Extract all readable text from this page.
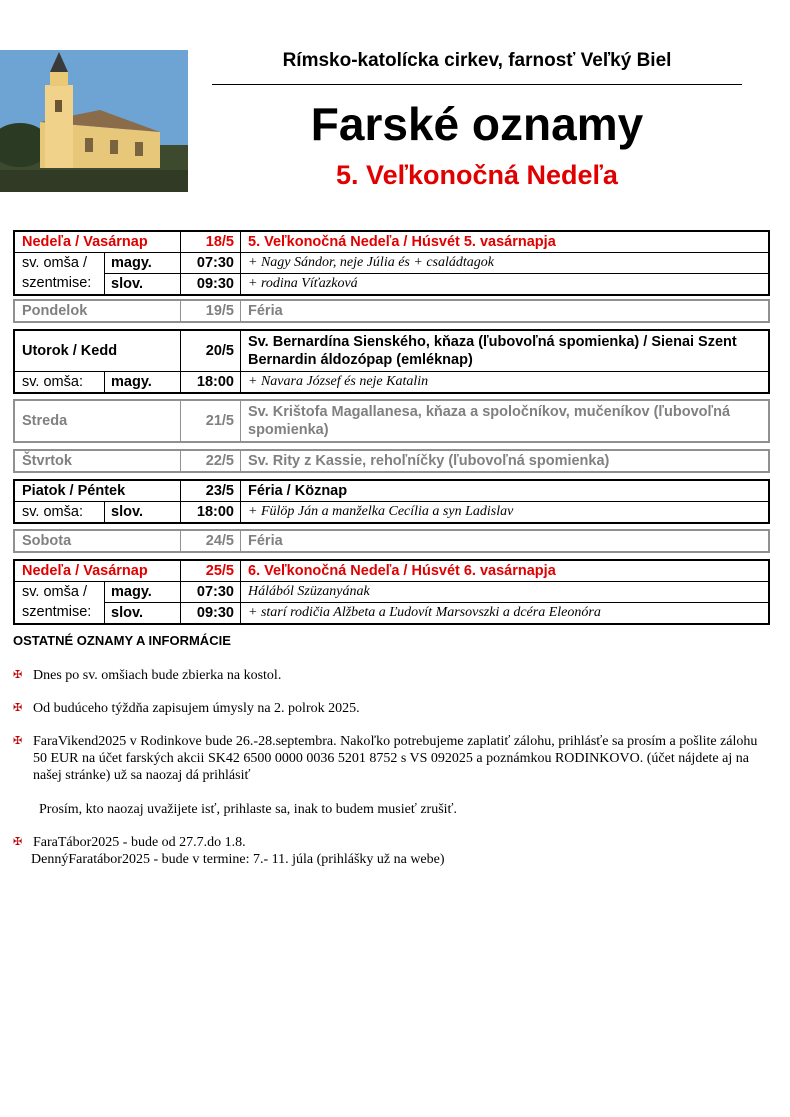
Rímsko-katolícka cirkev, farnosť Veľký Biel
Farské oznamy
5. Veľkonočná Nedeľa
Nedeľa / Vasárnap	18/5 5. Veľkonočná Nedeľa / Húsvét 5. vasárnapja
sv. omša /
szentmise:
magy.	07:30	+ Nagy Sándor, neje Júlia és + családtagok
slov.	09:30	+ rodina Víťazková
Pondelok	19/5 Féria
Utorok / Kedd	20/5
Sv. Bernardína Sienského, kňaza (ľubovoľná spomienka) / Sienai Szent Bernardin áldozópap (emléknap)
sv. omša:	magy.	18:00	+ Navara József és neje Katalin
Streda	21/5
Sv. Krištofa Magallanesa, kňaza a spoločníkov, mučeníkov (ľubovoľná spomienka)
Štvrtok	22/5 Sv. Rity z Kassie, rehoľníčky (ľubovoľná spomienka)
Piatok / Péntek	23/5 Féria / Köznap
sv. omša:	slov.	18:00	+ Fülöp Ján a manželka Cecília a syn Ladislav
Sobota	24/5 Féria
Nedeľa / Vasárnap	25/5 6. Veľkonočná Nedeľa / Húsvét 6. vasárnapja
sv. omša /
szentmise:
magy.	07:30	Hálából Szüzanyának
slov.	09:30	+ starí rodičia Alžbeta a Ľudovít Marsovszki a dcéra Eleonóra
OSTATNÉ OZNAMY A INFORMÁCIE
✠ Dnes po sv. omšiach bude zbierka na kostol.
✠ Od budúceho týždňa zapisujem úmysly na 2. polrok 2025.
✠ FaraVikend2025 v Rodinkove bude 26.-28.septembra. Nakoľko potrebujeme zaplatiť zálohu, prihlásťe sa prosím a pošlite zálohu 50 EUR na účet farských akcii SK42 6500 0000 0036 5201 8752 s VS 092025 a poznámkou RODINKOVO. (účet nájdete aj na našej stránke) už sa naozaj dá prihlásiť

Prosím, kto naozaj uvažijete isť, prihlaste sa, inak to budem musieť zrušiť.

✠ FaraTábor2025 - bude od 27.7.do 1.8.

DennýFaratábor2025 - bude v termine: 7.- 11. júla (prihlášky už na webe)
